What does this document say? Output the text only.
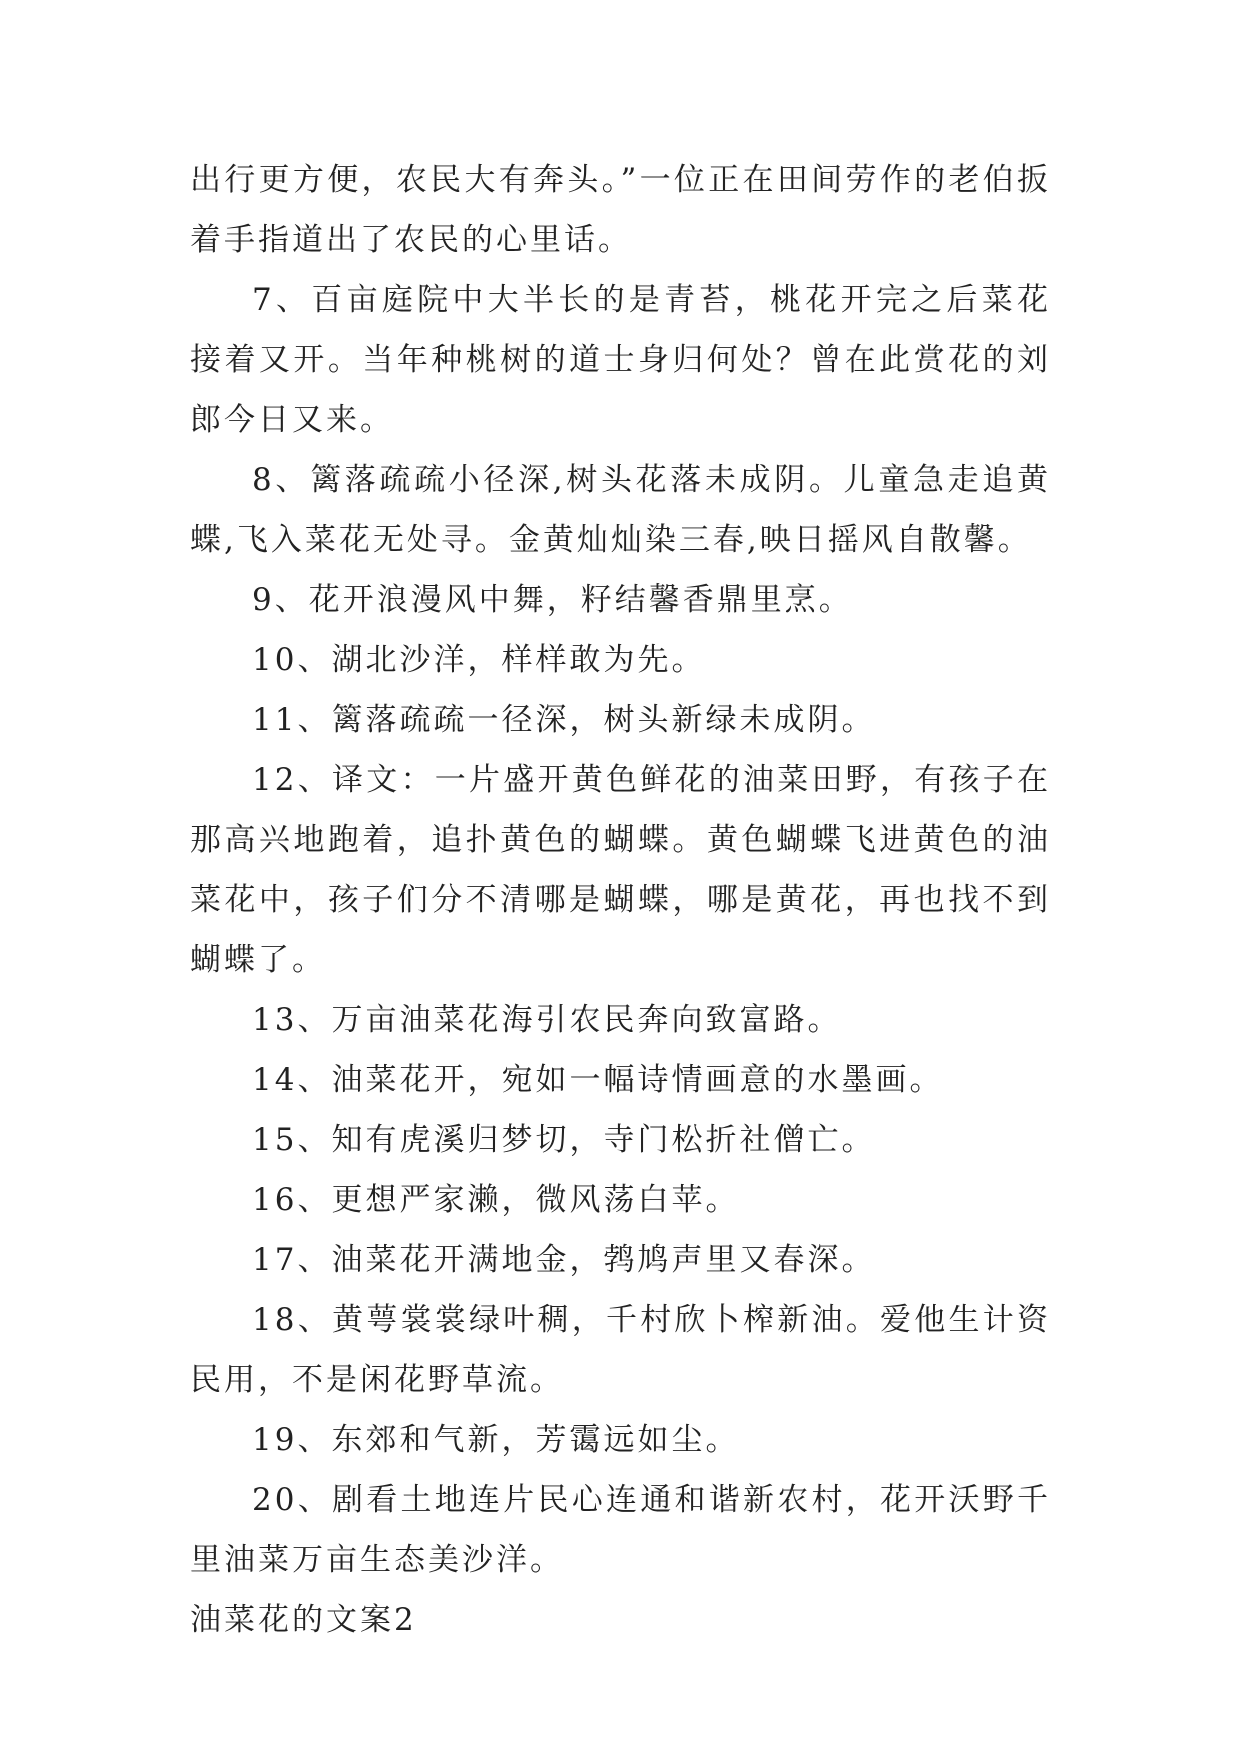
出行更方便，农民大有奔头。”一位正在田间劳作的老伯扳着手指道出了农民的心里话。

7、百亩庭院中大半长的是青苔，桃花开完之后菜花接着又开。当年种桃树的道士身归何处？曾在此赏花的刘郎今日又来。

8、篱落疏疏小径深,树头花落未成阴。儿童急走追黄蝶,飞入菜花无处寻。金黄灿灿染三春,映日摇风自散馨。

9、花开浪漫风中舞，籽结馨香鼎里烹。

10、湖北沙洋，样样敢为先。

11、篱落疏疏一径深，树头新绿未成阴。

12、译文：一片盛开黄色鲜花的油菜田野，有孩子在那高兴地跑着，追扑黄色的蝴蝶。黄色蝴蝶飞进黄色的油菜花中，孩子们分不清哪是蝴蝶，哪是黄花，再也找不到蝴蝶了。

13、万亩油菜花海引农民奔向致富路。

14、油菜花开，宛如一幅诗情画意的水墨画。

15、知有虎溪归梦切，寺门松折社僧亡。

16、更想严家濑，微风荡白苹。

17、油菜花开满地金，鹁鸠声里又春深。

18、黄萼裳裳绿叶稠，千村欣卜榨新油。爱他生计资民用，不是闲花野草流。

19、东郊和气新，芳霭远如尘。

20、剧看土地连片民心连通和谐新农村，花开沃野千里油菜万亩生态美沙洋。

油菜花的文案2
